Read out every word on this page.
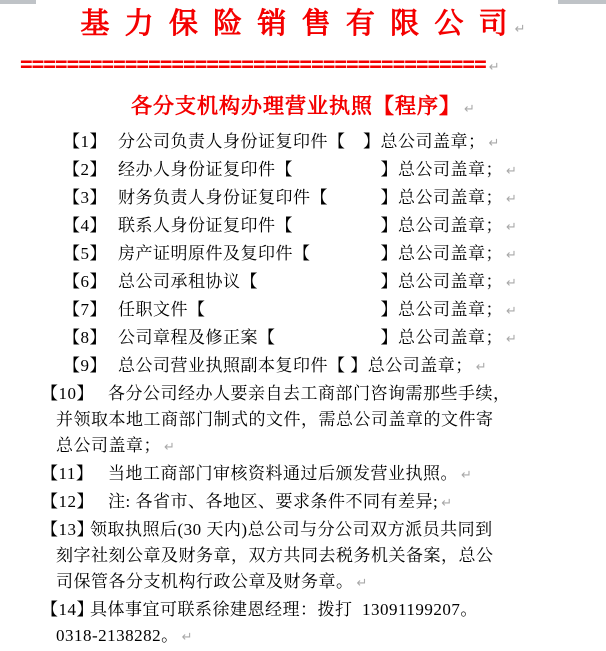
基 力 保 险 销 售 有 限 公 司 ↵
======================================== ↵
各分支机构办理营业执照【程序】 ↵
【1】 分公司负责人身份证复印件【　】总公司盖章； ↵
【2】 经办人身份证复印件【　　　　　】总公司盖章； ↵
【3】 财务负责人身份证复印件【　　　】总公司盖章； ↵
【4】 联系人身份证复印件【　　　　　】总公司盖章； ↵
【5】 房产证明原件及复印件【　　　　】总公司盖章； ↵
【6】 总公司承租协议【　　　　　　　】总公司盖章； ↵
【7】 任职文件【　　　　　　　　　　】总公司盖章； ↵
【8】 公司章程及修正案【　　　　　　】总公司盖章； ↵
【9】 总公司营业执照副本复印件【 】总公司盖章； ↵
【10】 各分公司经办人要亲自去工商部门咨询需那些手续，
并领取本地工商部门制式的文件，需总公司盖章的文件寄
总公司盖章； ↵
【11】 当地工商部门审核资料通过后颁发营业执照。 ↵
【12】 注: 各省市、各地区、要求条件不同有差异; ↵
【13】领取执照后(30 天内)总公司与分公司双方派员共同到
刻字社刻公章及财务章，双方共同去税务机关备案，总公
司保管各分支机构行政公章及财务章。 ↵
【14】具体事宜可联系徐建恩经理：拨打  13091199207。
0318-2138282。 ↵
